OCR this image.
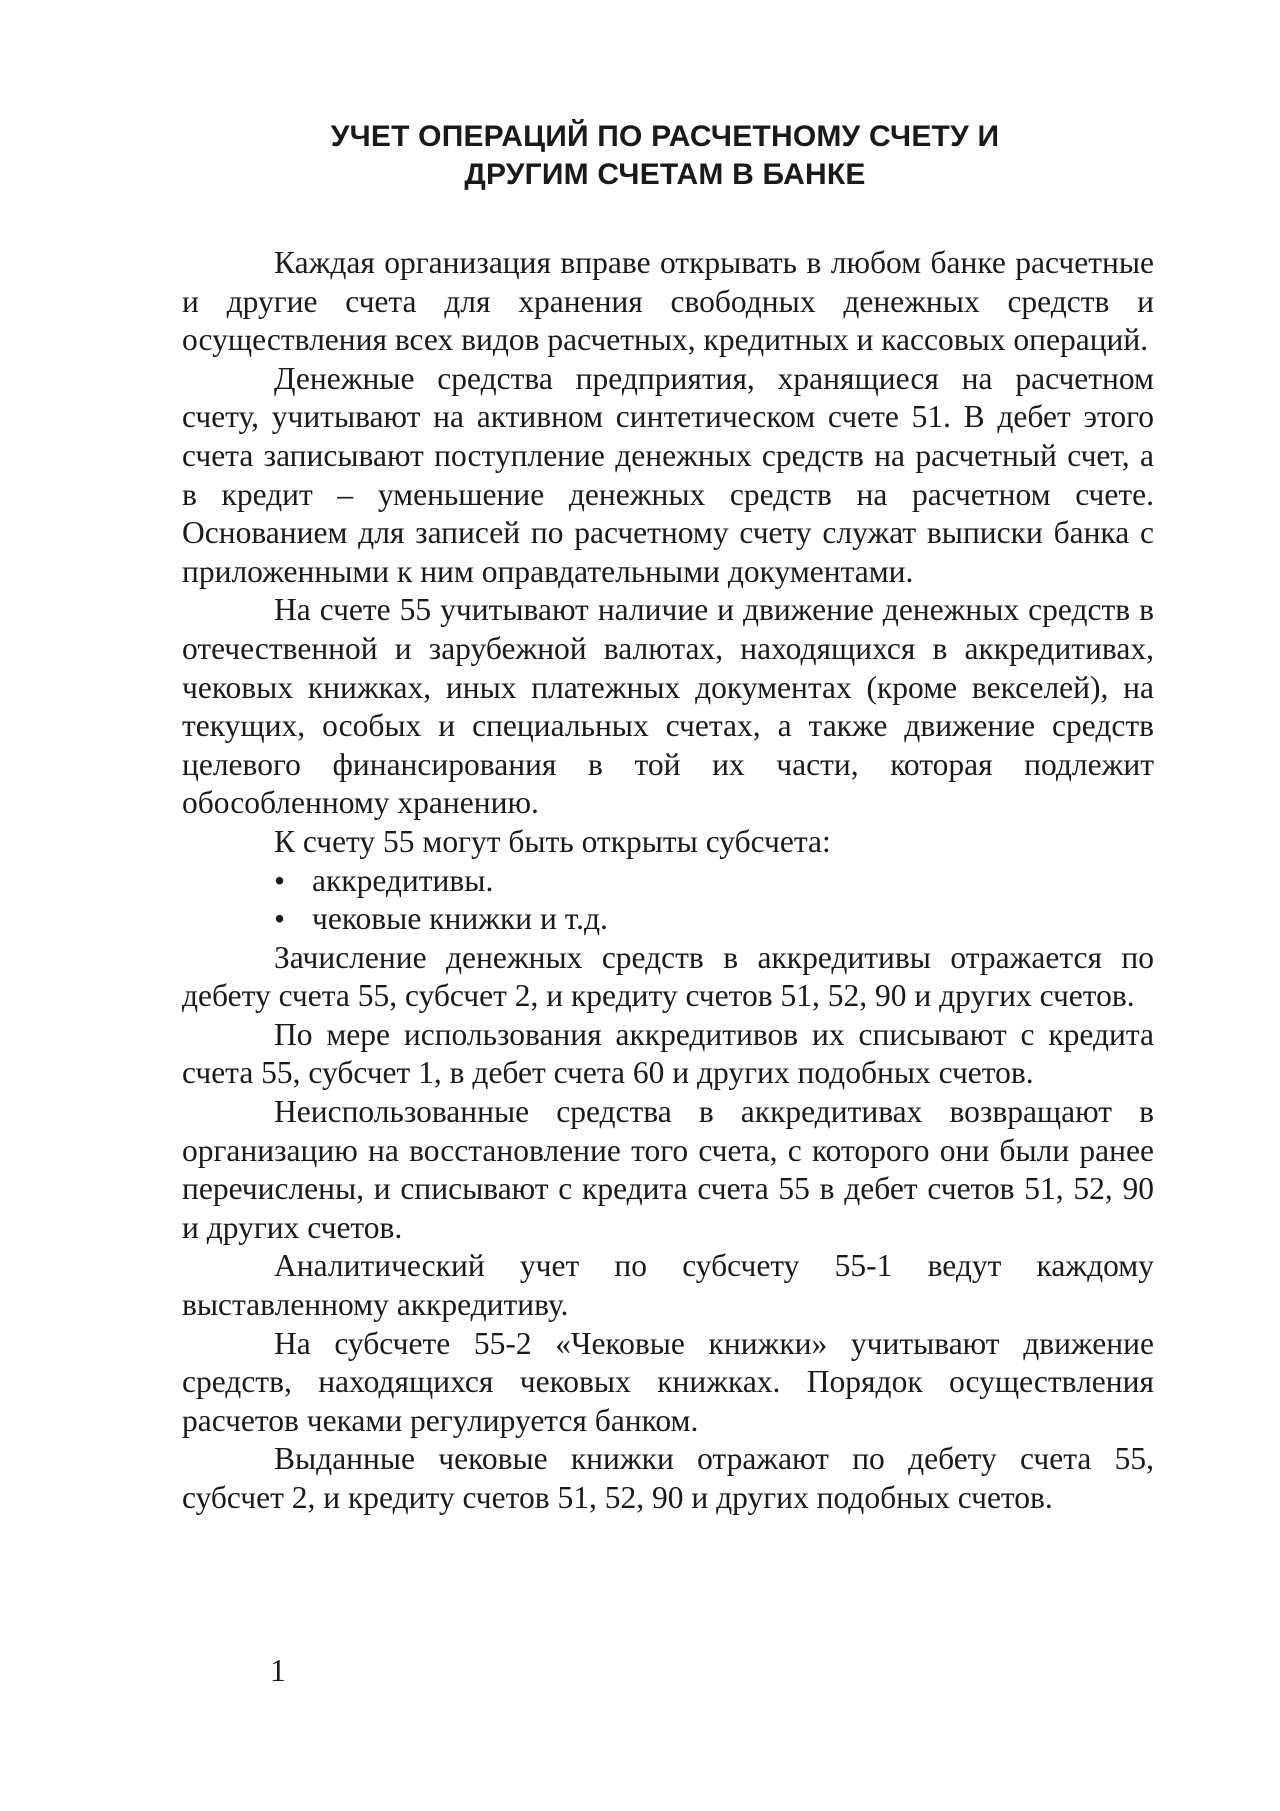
УЧЕТ ОПЕРАЦИЙ ПО РАСЧЕТНОМУ СЧЕТУ И
ДРУГИМ СЧЕТАМ В БАНКЕ

Каждая организация вправе открывать в любом банке расчетные и другие счета для хранения свободных денежных средств и осуществления всех видов расчетных, кредитных и кассовых операций.

Денежные средства предприятия, хранящиеся на расчетном счету, учитывают на активном синтетическом счете 51. В дебет этого счета записывают поступление денежных средств на расчетный счет, а в кредит – уменьшение денежных средств на расчетном счете. Основанием для записей по расчетному счету служат выписки банка с приложенными к ним оправдательными документами.

На счете 55 учитывают наличие и движение денежных средств в отечественной и зарубежной валютах, находящихся в аккредитивах, чековых книжках, иных платежных документах (кроме векселей), на текущих, особых и специальных счетах, а также движение средств целевого финансирования в той их части, которая подлежит обособленному хранению.

К счету 55 могут быть открыты субсчета:

• аккредитивы.
• чековые книжки и т.д.

Зачисление денежных средств в аккредитивы отражается по дебету счета 55, субсчет 2, и кредиту счетов 51, 52, 90 и других счетов.

По мере использования аккредитивов их списывают с кредита счета 55, субсчет 1, в дебет счета 60 и других подобных счетов.

Неиспользованные средства в аккредитивах возвращают в организацию на восстановление того счета, с которого они были ранее перечислены, и списывают с кредита счета 55 в дебет счетов 51, 52, 90 и других счетов.

Аналитический учет по субсчету 55-1 ведут каждому выставленному аккредитиву.

На субсчете 55-2 «Чековые книжки» учитывают движение средств, находящихся чековых книжках. Порядок осуществления расчетов чеками регулируется банком.

Выданные чековые книжки отражают по дебету счета 55, субсчет 2, и кредиту счетов 51, 52, 90 и других подобных счетов.

1
